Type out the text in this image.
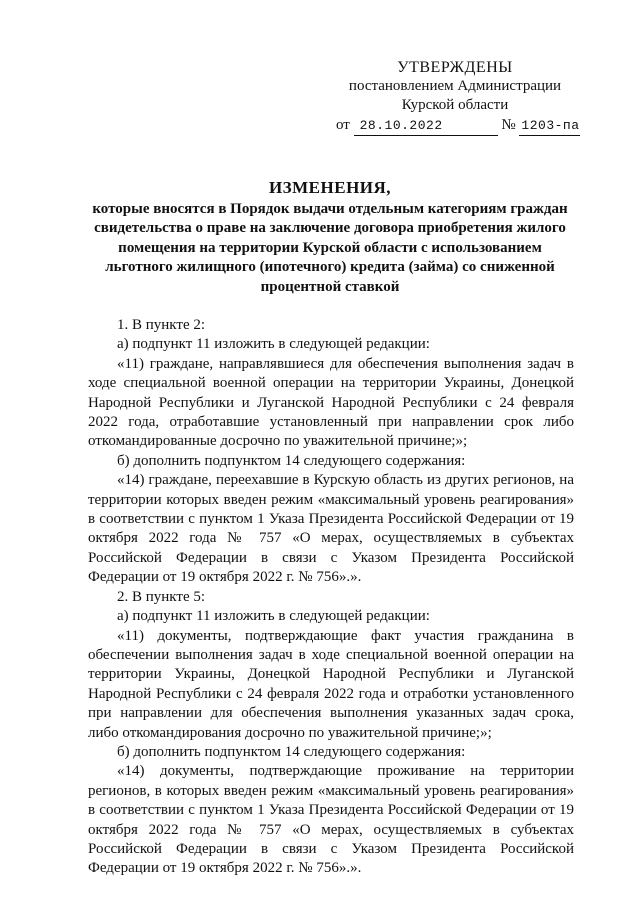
УТВЕРЖДЕНЫ
постановлением Администрации
Курской области
от 28.10.2022	№ 1203-па
ИЗМЕНЕНИЯ,
которые вносятся в Порядок выдачи отдельным категориям граждан
свидетельства о праве на заключение договора приобретения жилого
помещения на территории Курской области с использованием
льготного жилищного (ипотечного) кредита (займа) со сниженной
процентной ставкой

1. В пункте 2:

а) подпункт 11 изложить в следующей редакции:

«11) граждане, направлявшиеся для обеспечения выполнения задач в ходе специальной военной операции на территории Украины, Донецкой Народной Республики и Луганской Народной Республики с 24 февраля 2022 года, отработавшие установленный при направлении срок либо откомандированные досрочно по уважительной причине;»;

б) дополнить подпунктом 14 следующего содержания:

«14) граждане, переехавшие в Курскую область из других регионов, на территории которых введен режим «максимальный уровень реагирования» в соответствии с пунктом 1 Указа Президента Российской Федерации от 19 октября 2022 года № 757 «О мерах, осуществляемых в субъектах Российской Федерации в связи с Указом Президента Российской Федерации от 19 октября 2022 г. № 756».».

2. В пункте 5:

а) подпункт 11 изложить в следующей редакции:

«11) документы, подтверждающие факт участия гражданина в обеспечении выполнения задач в ходе специальной военной операции на территории Украины, Донецкой Народной Республики и Луганской Народной Республики с 24 февраля 2022 года и отработки установленного при направлении для обеспечения выполнения указанных задач срока, либо откомандирования досрочно по уважительной причине;»;

б) дополнить подпунктом 14 следующего содержания:

«14) документы, подтверждающие проживание на территории регионов, в которых введен режим «максимальный уровень реагирования» в соответствии с пунктом 1 Указа Президента Российской Федерации от 19 октября 2022 года № 757 «О мерах, осуществляемых в субъектах Российской Федерации в связи с Указом Президента Российской Федерации от 19 октября 2022 г. № 756».».
